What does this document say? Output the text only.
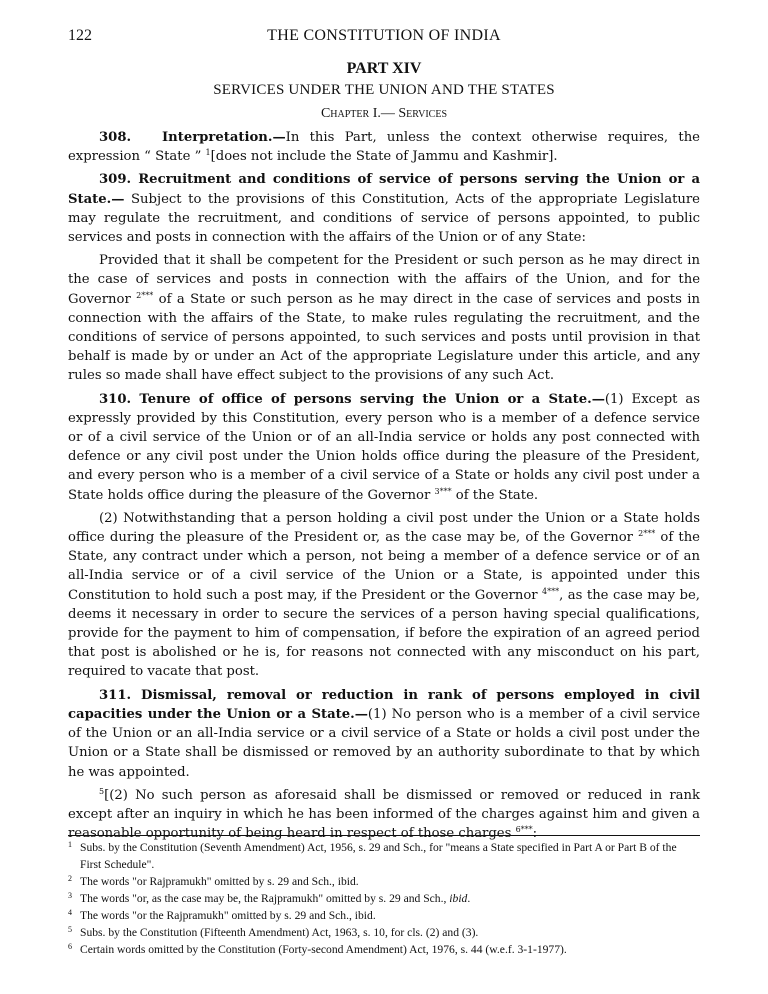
122	THE CONSTITUTION OF INDIA
PART XIV
SERVICES UNDER THE UNION AND THE STATES
Chapter I.— Services

308. Interpretation.—In this Part, unless the context otherwise requires, the expression “ State ” $^1$[does not include the State of Jammu and Kashmir].

309. Recruitment and conditions of service of persons serving the Union or a State.— Subject to the provisions of this Constitution, Acts of the appropriate Legislature may regulate the recruitment, and conditions of service of persons appointed, to public services and posts in connection with the affairs of the Union or of any State:

Provided that it shall be competent for the President or such person as he may direct in the case of services and posts in connection with the affairs of the Union, and for the Governor $^{2***}$ of a State or such person as he may direct in the case of services and posts in connection with the affairs of the State, to make rules regulating the recruitment, and the conditions of service of persons appointed, to such services and posts until provision in that behalf is made by or under an Act of the appropriate Legislature under this article, and any rules so made shall have effect subject to the provisions of any such Act.

310. Tenure of office of persons serving the Union or a State.—(1) Except as expressly provided by this Constitution, every person who is a member of a defence service or of a civil service of the Union or of an all-India service or holds any post connected with defence or any civil post under the Union holds office during the pleasure of the President, and every person who is a member of a civil service of a State or holds any civil post under a State holds office during the pleasure of the Governor $^{3***}$ of the State.

(2) Notwithstanding that a person holding a civil post under the Union or a State holds office during the pleasure of the President or, as the case may be, of the Governor $^{2***}$ of the State, any contract under which a person, not being a member of a defence service or of an all-India service or of a civil service of the Union or a State, is appointed under this Constitution to hold such a post may, if the President or the Governor $^{4***}$, as the case may be, deems it necessary in order to secure the services of a person having special qualifications, provide for the payment to him of compensation, if before the expiration of an agreed period that post is abolished or he is, for reasons not connected with any misconduct on his part, required to vacate that post.

311. Dismissal, removal or reduction in rank of persons employed in civil capacities under the Union or a State.—(1) No person who is a member of a civil service of the Union or an all-India service or a civil service of a State or holds a civil post under the Union or a State shall be dismissed or removed by an authority subordinate to that by which he was appointed.

$^5$[(2) No such person as aforesaid shall be dismissed or removed or reduced in rank except after an inquiry in which he has been informed of the charges against him and given a reasonable opportunity of being heard in respect of those charges $^{6***}$:

1 Subs. by the Constitution (Seventh Amendment) Act, 1956, s. 29 and Sch., for "means a State specified in Part A or Part B of the First Schedule".
2 The words "or Rajpramukh" omitted by s. 29 and Sch., ibid.
3 The words "or, as the case may be, the Rajpramukh" omitted by s. 29 and Sch., ibid.
4 The words "or the Rajpramukh" omitted by s. 29 and Sch., ibid.
5 Subs. by the Constitution (Fifteenth Amendment) Act, 1963, s. 10, for cls. (2) and (3).
6 Certain words omitted by the Constitution (Forty-second Amendment) Act, 1976, s. 44 (w.e.f. 3-1-1977).
